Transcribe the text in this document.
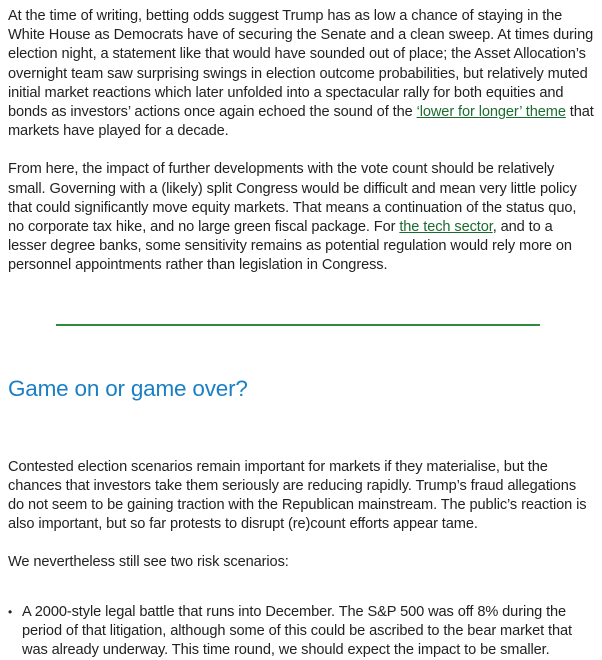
At the time of writing, betting odds suggest Trump has as low a chance of staying in the White House as Democrats have of securing the Senate and a clean sweep. At times during election night, a statement like that would have sounded out of place; the Asset Allocation’s overnight team saw surprising swings in election outcome probabilities, but relatively muted initial market reactions which later unfolded into a spectacular rally for both equities and bonds as investors’ actions once again echoed the sound of the ‘lower for longer’ theme that markets have played for a decade.

From here, the impact of further developments with the vote count should be relatively small. Governing with a (likely) split Congress would be difficult and mean very little policy that could significantly move equity markets. That means a continuation of the status quo, no corporate tax hike, and no large green fiscal package. For the tech sector, and to a lesser degree banks, some sensitivity remains as potential regulation would rely more on personnel appointments rather than legislation in Congress.

Game on or game over?

Contested election scenarios remain important for markets if they materialise, but the chances that investors take them seriously are reducing rapidly. Trump’s fraud allegations do not seem to be gaining traction with the Republican mainstream. The public’s reaction is also important, but so far protests to disrupt (re)count efforts appear tame.

We nevertheless still see two risk scenarios:

• A 2000-style legal battle that runs into December. The S&P 500 was off 8% during the period of that litigation, although some of this could be ascribed to the bear market that was already underway. This time round, we should expect the impact to be smaller.
